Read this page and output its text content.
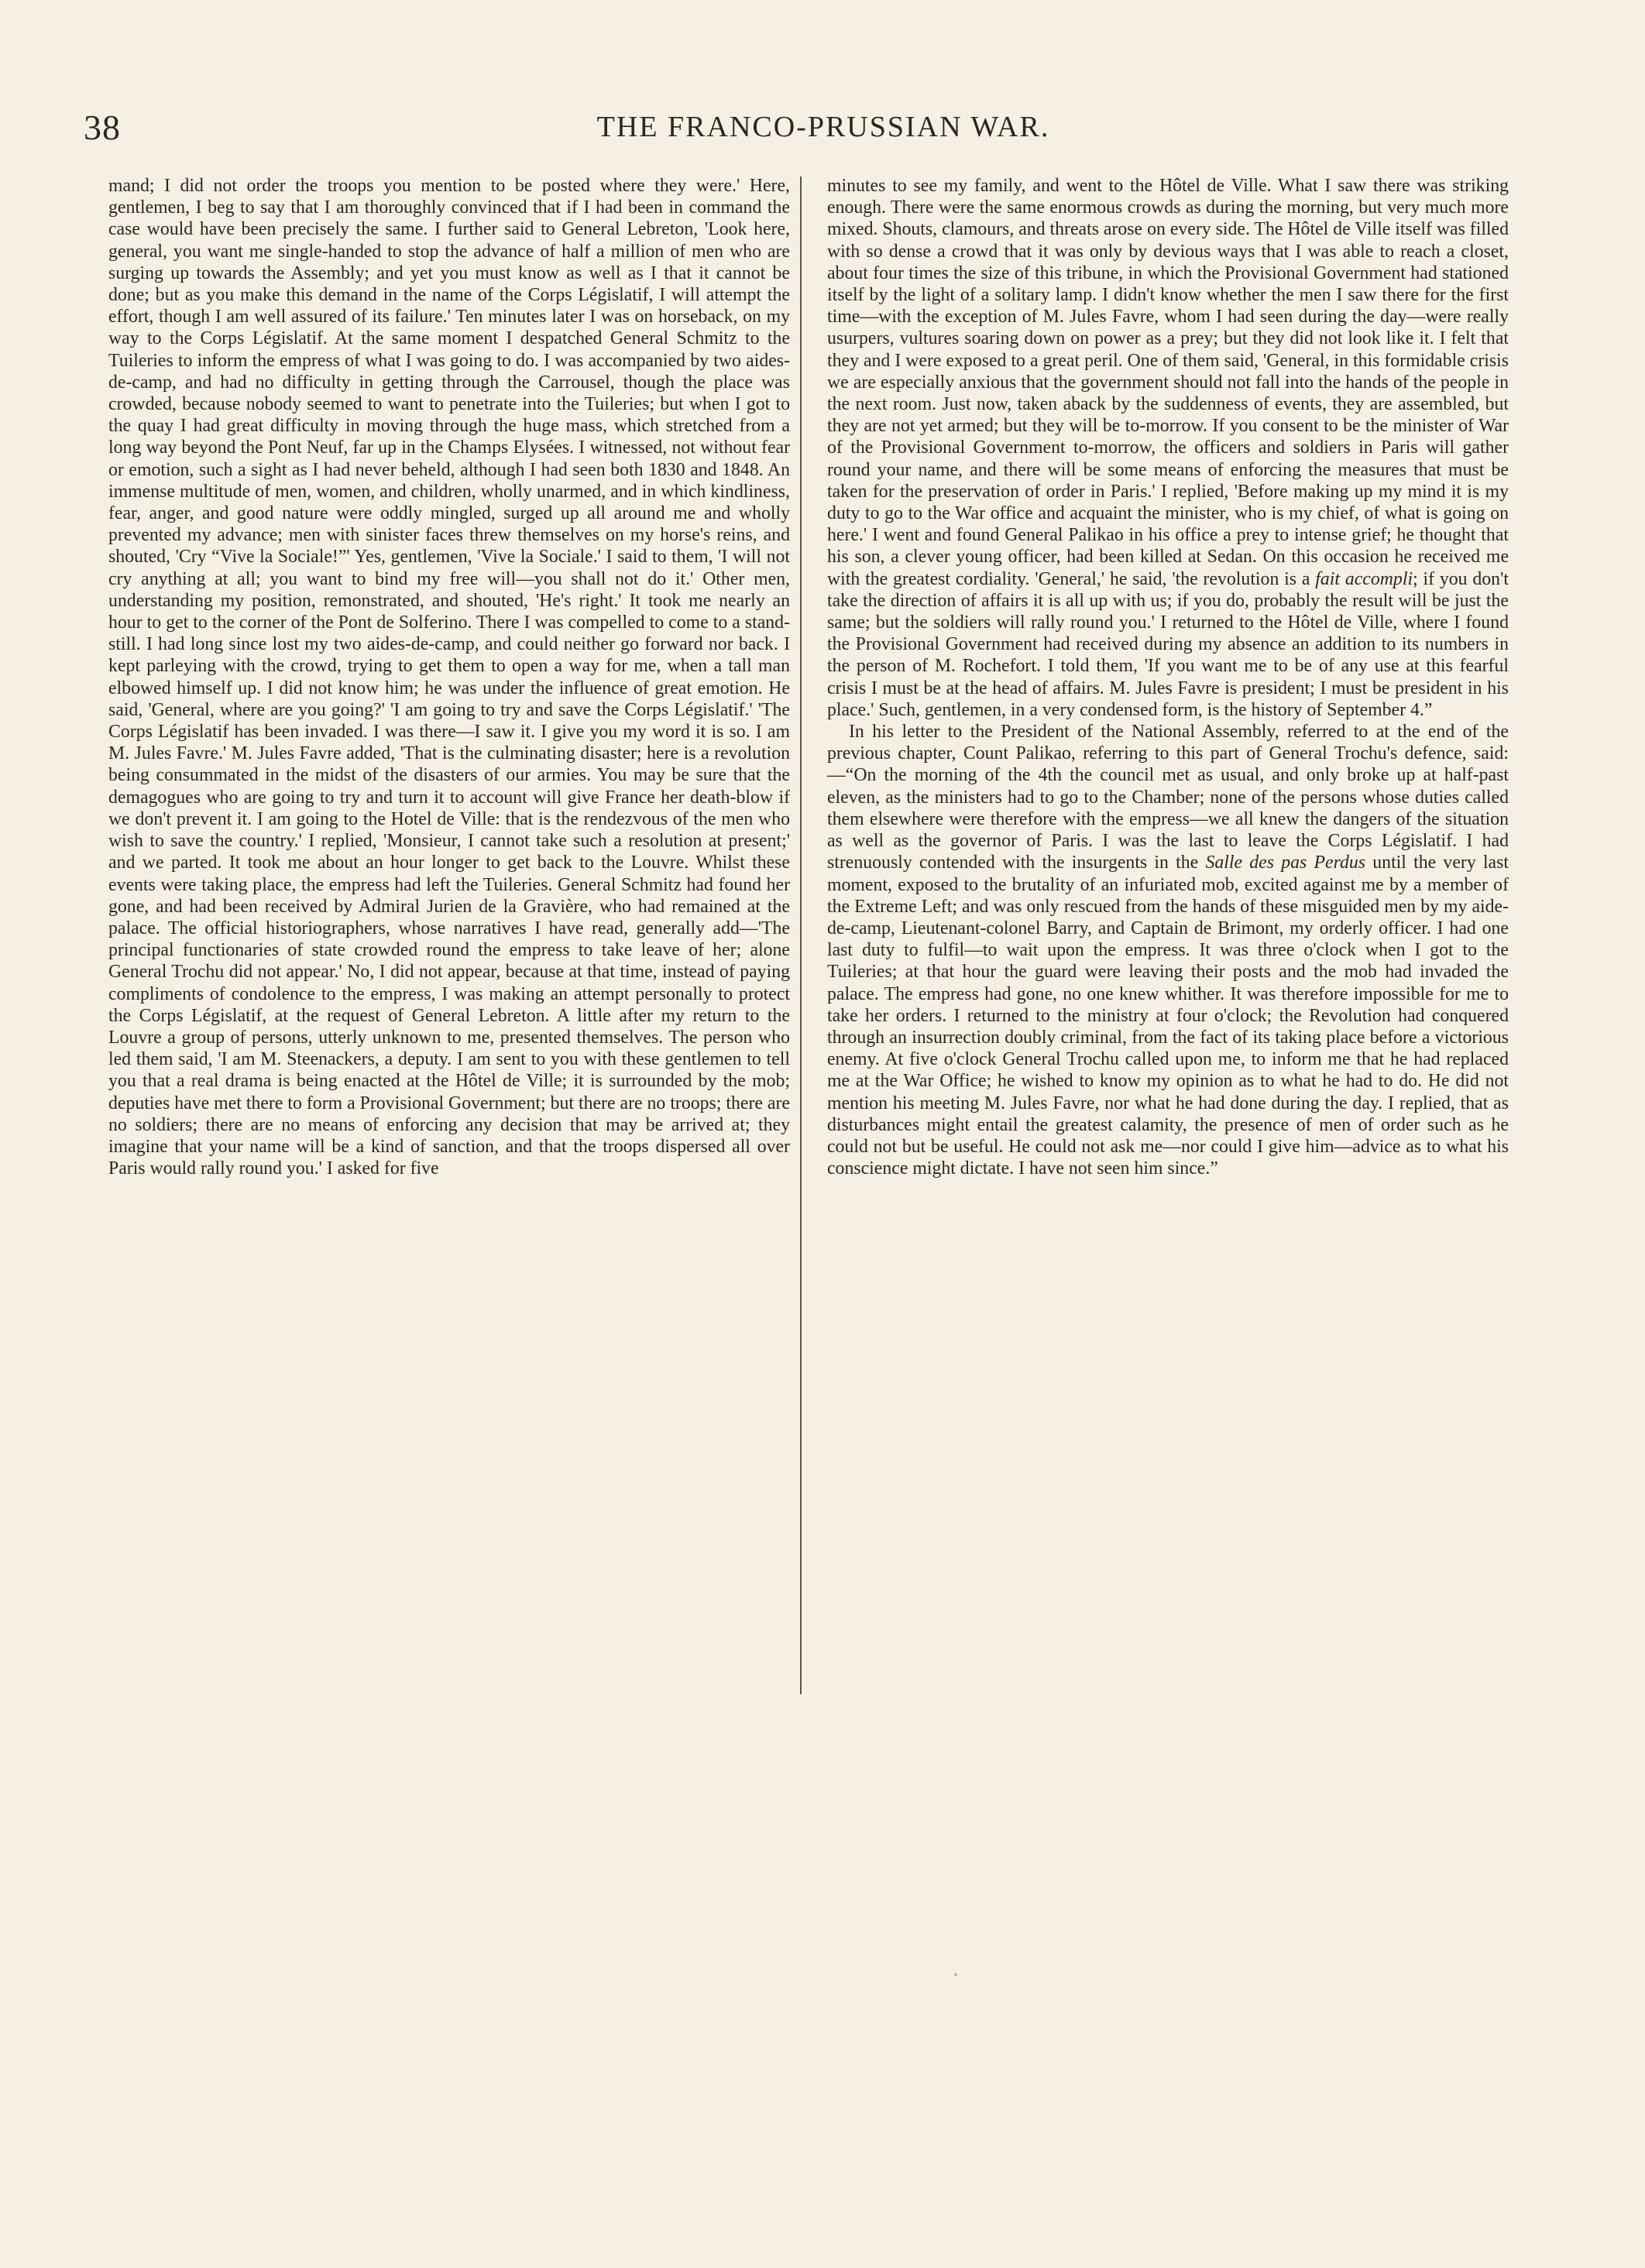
38	THE FRANCO-PRUSSIAN WAR.

mand; I did not order the troops you mention to be posted where they were.' Here, gentlemen, I beg to say that I am thoroughly convinced that if I had been in command the case would have been precisely the same. I further said to General Lebreton, 'Look here, general, you want me single-handed to stop the advance of half a million of men who are surging up towards the Assembly; and yet you must know as well as I that it cannot be done; but as you make this demand in the name of the Corps Législatif, I will attempt the effort, though I am well assured of its failure.' Ten minutes later I was on horseback, on my way to the Corps Législatif. At the same moment I despatched General Schmitz to the Tuileries to inform the empress of what I was going to do. I was accompanied by two aides-de-camp, and had no difficulty in getting through the Carrousel, though the place was crowded, because nobody seemed to want to penetrate into the Tuileries; but when I got to the quay I had great difficulty in moving through the huge mass, which stretched from a long way beyond the Pont Neuf, far up in the Champs Elysées. I witnessed, not without fear or emotion, such a sight as I had never beheld, although I had seen both 1830 and 1848. An immense multitude of men, women, and children, wholly unarmed, and in which kindliness, fear, anger, and good nature were oddly mingled, surged up all around me and wholly prevented my advance; men with sinister faces threw themselves on my horse's reins, and shouted, 'Cry “Vive la Sociale!”' Yes, gentlemen, 'Vive la Sociale.' I said to them, 'I will not cry anything at all; you want to bind my free will—you shall not do it.' Other men, understanding my position, remonstrated, and shouted, 'He's right.' It took me nearly an hour to get to the corner of the Pont de Solferino. There I was compelled to come to a stand-still. I had long since lost my two aides-de-camp, and could neither go forward nor back. I kept parleying with the crowd, trying to get them to open a way for me, when a tall man elbowed himself up. I did not know him; he was under the influence of great emotion. He said, 'General, where are you going?' 'I am going to try and save the Corps Législatif.' 'The Corps Législatif has been invaded. I was there—I saw it. I give you my word it is so. I am M. Jules Favre.' M. Jules Favre added, 'That is the culminating disaster; here is a revolution being consummated in the midst of the disasters of our armies. You may be sure that the demagogues who are going to try and turn it to account will give France her death-blow if we don't prevent it. I am going to the Hotel de Ville: that is the rendezvous of the men who wish to save the country.' I replied, 'Monsieur, I cannot take such a resolution at present;' and we parted. It took me about an hour longer to get back to the Louvre. Whilst these events were taking place, the empress had left the Tuileries. General Schmitz had found her gone, and had been received by Admiral Jurien de la Gravière, who had remained at the palace. The official historiographers, whose narratives I have read, generally add—'The principal functionaries of state crowded round the empress to take leave of her; alone General Trochu did not appear.' No, I did not appear, because at that time, instead of paying compliments of condolence to the empress, I was making an attempt personally to protect the Corps Législatif, at the request of General Lebreton. A little after my return to the Louvre a group of persons, utterly unknown to me, presented themselves. The person who led them said, 'I am M. Steenackers, a deputy. I am sent to you with these gentlemen to tell you that a real drama is being enacted at the Hôtel de Ville; it is surrounded by the mob; deputies have met there to form a Provisional Government; but there are no troops; there are no soldiers; there are no means of enforcing any decision that may be arrived at; they imagine that your name will be a kind of sanction, and that the troops dispersed all over Paris would rally round you.' I asked for five

minutes to see my family, and went to the Hôtel de Ville. What I saw there was striking enough. There were the same enormous crowds as during the morning, but very much more mixed. Shouts, clamours, and threats arose on every side. The Hôtel de Ville itself was filled with so dense a crowd that it was only by devious ways that I was able to reach a closet, about four times the size of this tribune, in which the Provisional Government had stationed itself by the light of a solitary lamp. I didn't know whether the men I saw there for the first time—with the exception of M. Jules Favre, whom I had seen during the day—were really usurpers, vultures soaring down on power as a prey; but they did not look like it. I felt that they and I were exposed to a great peril. One of them said, 'General, in this formidable crisis we are especially anxious that the government should not fall into the hands of the people in the next room. Just now, taken aback by the suddenness of events, they are assembled, but they are not yet armed; but they will be to-morrow. If you consent to be the minister of War of the Provisional Government to-morrow, the officers and soldiers in Paris will gather round your name, and there will be some means of enforcing the measures that must be taken for the preservation of order in Paris.' I replied, 'Before making up my mind it is my duty to go to the War office and acquaint the minister, who is my chief, of what is going on here.' I went and found General Palikao in his office a prey to intense grief; he thought that his son, a clever young officer, had been killed at Sedan. On this occasion he received me with the greatest cordiality. 'General,' he said, 'the revolution is a fait accompli; if you don't take the direction of affairs it is all up with us; if you do, probably the result will be just the same; but the soldiers will rally round you.' I returned to the Hôtel de Ville, where I found the Provisional Government had received during my absence an addition to its numbers in the person of M. Rochefort. I told them, 'If you want me to be of any use at this fearful crisis I must be at the head of affairs. M. Jules Favre is president; I must be president in his place.' Such, gentlemen, in a very condensed form, is the history of September 4.”

In his letter to the President of the National Assembly, referred to at the end of the previous chapter, Count Palikao, referring to this part of General Trochu's defence, said:—“On the morning of the 4th the council met as usual, and only broke up at half-past eleven, as the ministers had to go to the Chamber; none of the persons whose duties called them elsewhere were therefore with the empress—we all knew the dangers of the situation as well as the governor of Paris. I was the last to leave the Corps Législatif. I had strenuously contended with the insurgents in the Salle des pas Perdus until the very last moment, exposed to the brutality of an infuriated mob, excited against me by a member of the Extreme Left; and was only rescued from the hands of these misguided men by my aide-de-camp, Lieutenant-colonel Barry, and Captain de Brimont, my orderly officer. I had one last duty to fulfil—to wait upon the empress. It was three o'clock when I got to the Tuileries; at that hour the guard were leaving their posts and the mob had invaded the palace. The empress had gone, no one knew whither. It was therefore impossible for me to take her orders. I returned to the ministry at four o'clock; the Revolution had conquered through an insurrection doubly criminal, from the fact of its taking place before a victorious enemy. At five o'clock General Trochu called upon me, to inform me that he had replaced me at the War Office; he wished to know my opinion as to what he had to do. He did not mention his meeting M. Jules Favre, nor what he had done during the day. I replied, that as disturbances might entail the greatest calamity, the presence of men of order such as he could not but be useful. He could not ask me—nor could I give him—advice as to what his conscience might dictate. I have not seen him since.”
